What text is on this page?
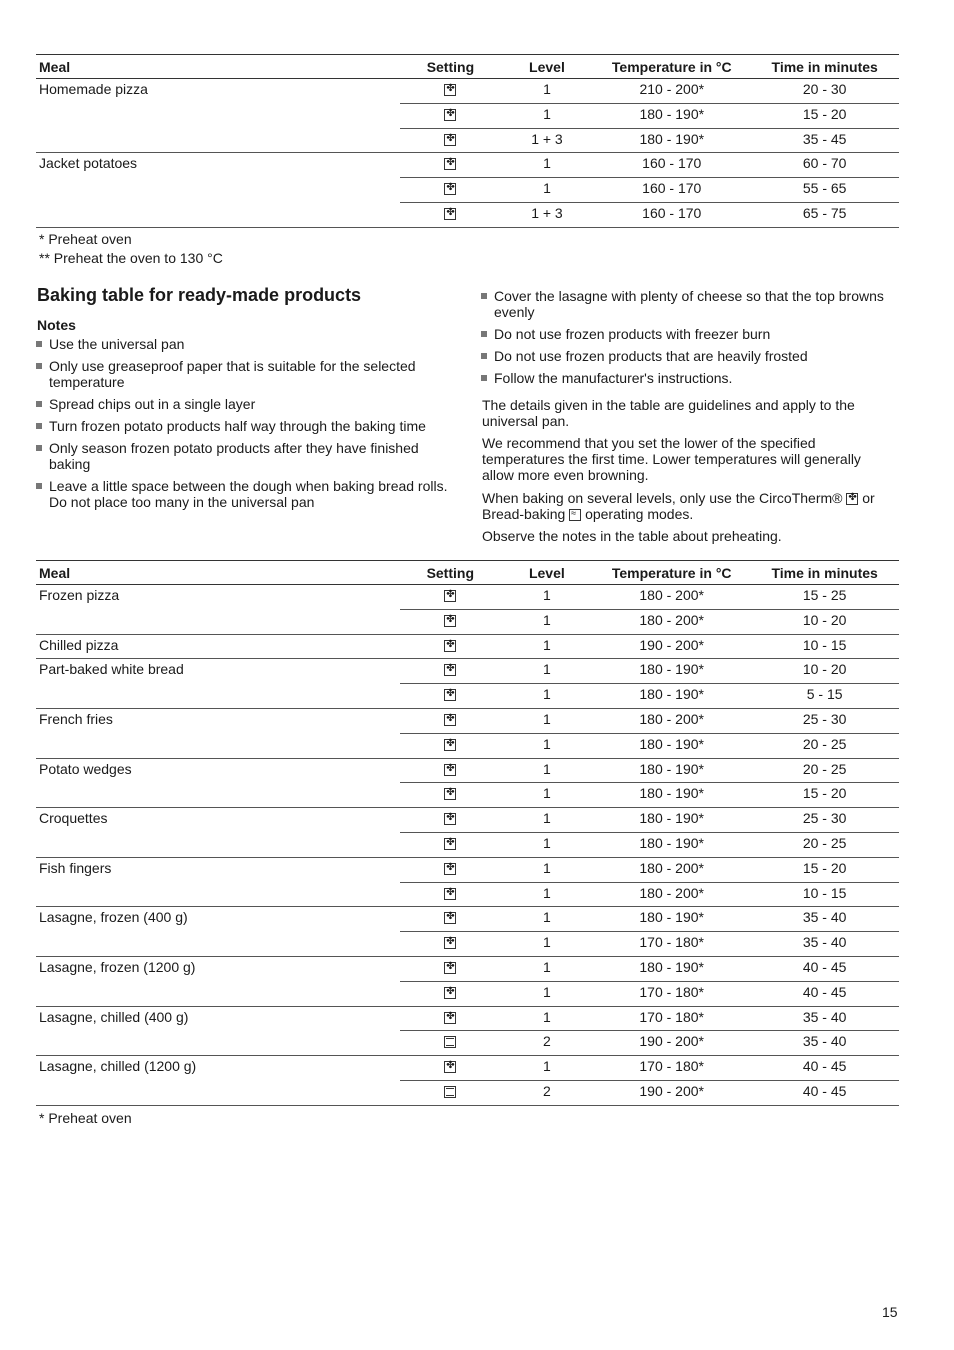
Meal	Setting	Level	Temperature in °C	Time in minutes
Homemade pizza	✤	1	210 - 200*	20 - 30

	✤	1	180 - 190*	15 - 20

	✤	1 + 3	180 - 190*	35 - 45
Jacket potatoes	✤	1	160 - 170	60 - 70

	✤	1	160 - 170	55 - 65

	✤	1 + 3	160 - 170	65 - 75
* Preheat oven
** Preheat the oven to 130 °C
Baking table for ready-made products
Notes
Use the universal pan
Only use greaseproof paper that is suitable for the selected temperature
Spread chips out in a single layer
Turn frozen potato products half way through the baking time
Only season frozen potato products after they have finished baking
Leave a little space between the dough when baking bread rolls. Do not place too many in the universal pan
Cover the lasagne with plenty of cheese so that the top browns evenly
Do not use frozen products with freezer burn
Do not use frozen products that are heavily frosted
Follow the manufacturer's instructions.

The details given in the table are guidelines and apply to the universal pan.

We recommend that you set the lower of the specified temperatures the first time. Lower temperatures will generally allow more even browning.

When baking on several levels, only use the CircoTherm® ✤ or Bread-baking ≈ operating modes.

Observe the notes in the table about preheating.

Meal	Setting	Level	Temperature in °C	Time in minutes
Frozen pizza	✤	1	180 - 200*	15 - 25

	✤	1	180 - 200*	10 - 20
Chilled pizza	✤	1	190 - 200*	10 - 15
Part-baked white bread	✤	1	180 - 190*	10 - 20

	✤	1	180 - 190*	5 - 15
French fries	✤	1	180 - 200*	25 - 30

	✤	1	180 - 190*	20 - 25
Potato wedges	✤	1	180 - 190*	20 - 25

	✤	1	180 - 190*	15 - 20
Croquettes	✤	1	180 - 190*	25 - 30

	✤	1	180 - 190*	20 - 25
Fish fingers	✤	1	180 - 200*	15 - 20

	✤	1	180 - 200*	10 - 15
Lasagne, frozen (400 g)	✤	1	180 - 190*	35 - 40

	✤	1	170 - 180*	35 - 40
Lasagne, frozen (1200 g)	✤	1	180 - 190*	40 - 45

	✤	1	170 - 180*	40 - 45
Lasagne, chilled (400 g)	✤	1	170 - 180*	35 - 40
		2	190 - 200*	35 - 40
Lasagne, chilled (1200 g)	✤	1	170 - 180*	40 - 45
		2	190 - 200*	40 - 45
* Preheat oven
15
